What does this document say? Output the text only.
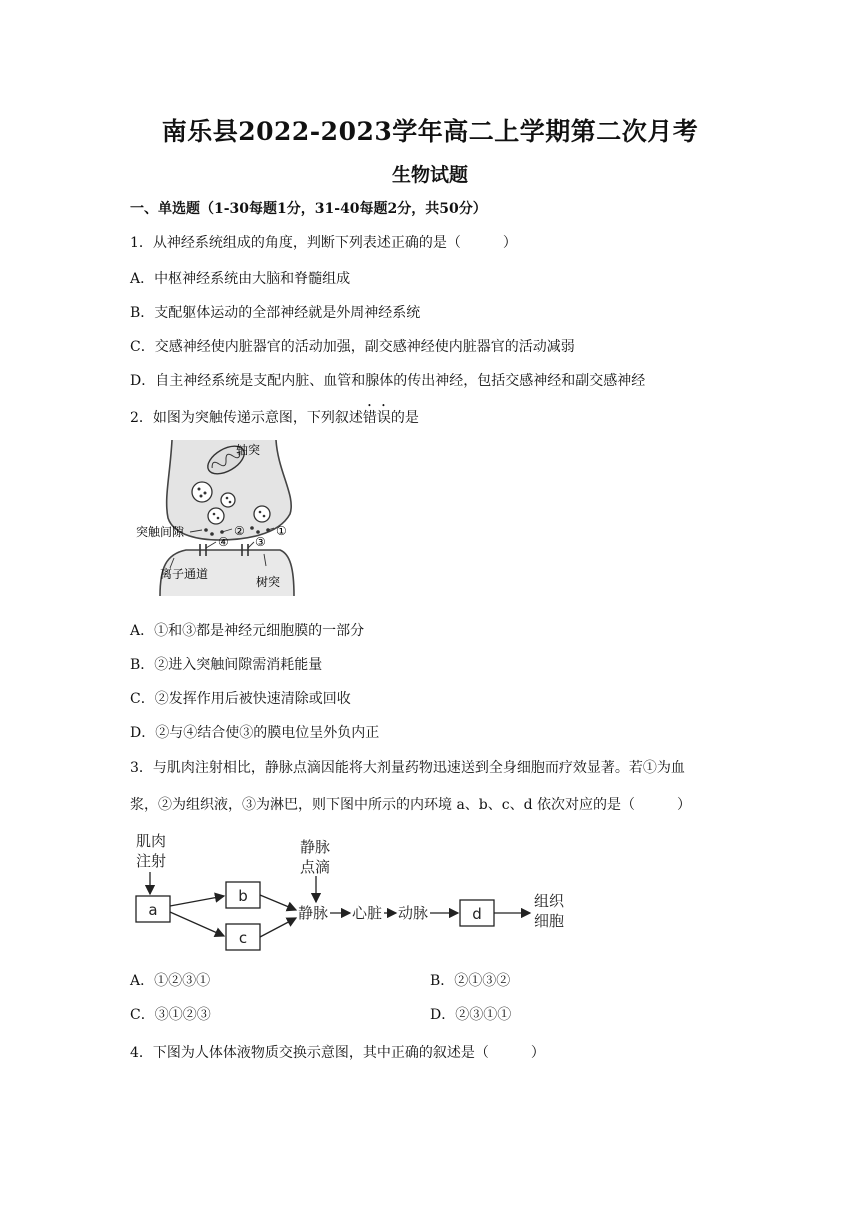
南乐县2022-2023学年高二上学期第二次月考
生物试题
一、单选题（1-30每题1分，31-40每题2分，共50分）
1．从神经系统组成的角度，判断下列表述正确的是（　　　）
A．中枢神经系统由大脑和脊髓组成
B．支配躯体运动的全部神经就是外周神经系统
C．交感神经使内脏器官的活动加强，副交感神经使内脏器官的活动减弱
D．自主神经系统是支配内脏、血管和腺体的传出神经，包括交感神经和副交感神经
2．如图为突触传递示意图，下列叙述错误的是
②	①
③
④
轴突
突触间隙
离子通道
树突
A．①和③都是神经元细胞膜的一部分
B．②进入突触间隙需消耗能量
C．②发挥作用后被快速清除或回收
D．②与④结合使③的膜电位呈外负内正
3．与肌肉注射相比，静脉点滴因能将大剂量药物迅速送到全身细胞而疗效显著。若①为血
浆，②为组织液，③为淋巴，则下图中所示的内环境 a、b、c、d 依次对应的是（　　　）
肌肉
注射
静脉
点滴
静脉 心脏 动脉
组织
细胞
a
b
c
d
A．①②③①	B．②①③②
C．③①②③	D．②③①①
4．下图为人体体液物质交换示意图，其中正确的叙述是（　　　）
